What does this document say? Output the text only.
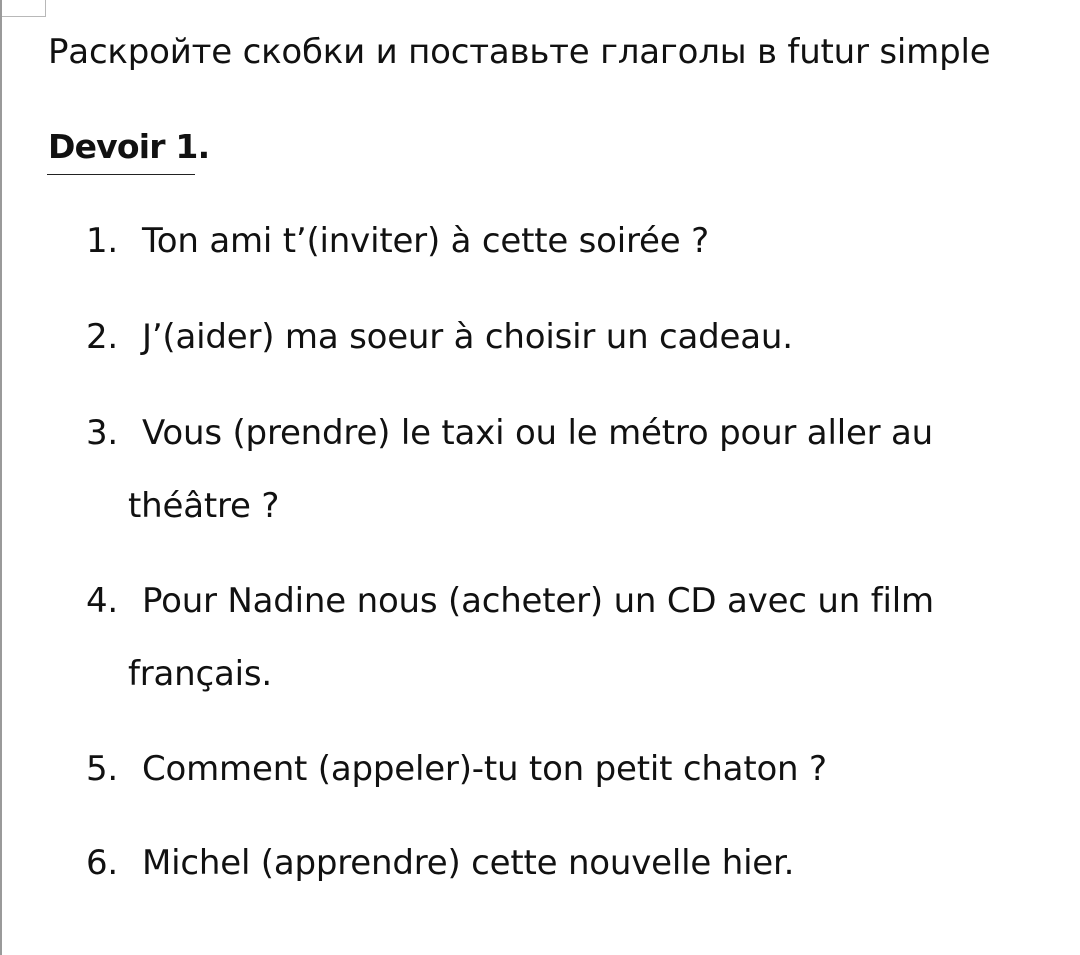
Раскройте скобки и поставьте глаголы в futur simple
Devoir 1.
1. Ton ami t’(inviter) à cette soirée ?
2. J’(aider) ma soeur à choisir un cadeau.
3. Vous (prendre) le taxi ou le métro pour aller au
théâtre ?
4. Pour Nadine nous (acheter) un CD avec un film
français.
5. Comment (appeler)-tu ton petit chaton ?
6. Michel (apprendre) cette nouvelle hier.
